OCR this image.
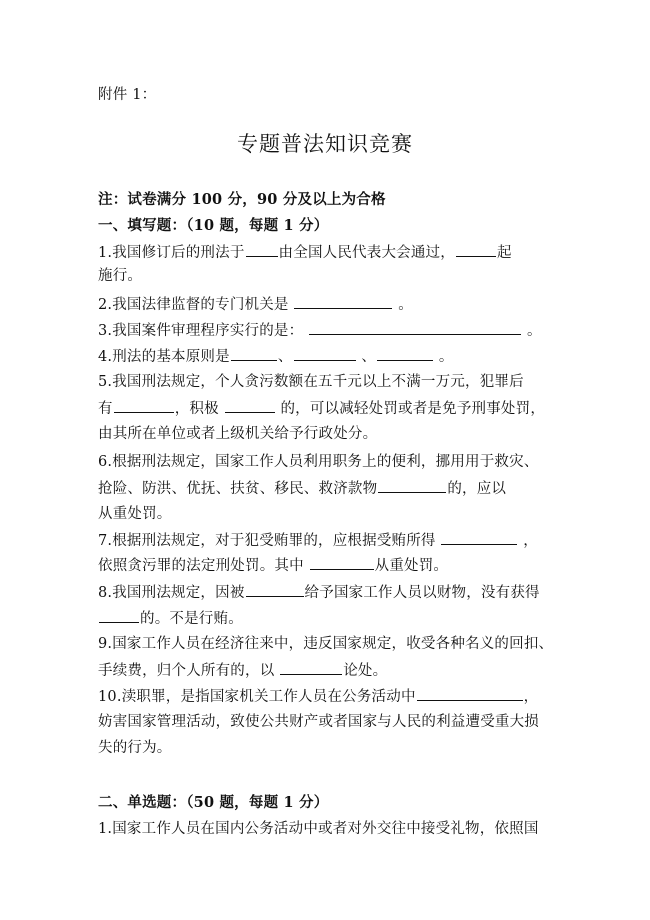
附件 1：
专题普法知识竞赛
注：试卷满分 100 分，90 分及以上为合格
一、填写题：（10 题，每题 1 分）
1.我国修订后的刑法于 由全国人民代表大会通过，	起
施行。
2.我国法律监督的专门机关是	。
3.我国案件审理程序实行的是：	。
4.刑法的基本原则是	、	、	。
5.我国刑法规定，个人贪污数额在五千元以上不满一万元，犯罪后
有	，积极	的，可以减轻处罚或者是免予刑事处罚，
由其所在单位或者上级机关给予行政处分。
6.根据刑法规定，国家工作人员利用职务上的便利，挪用用于救灾、
抢险、防洪、优抚、扶贫、移民、救济款物	的，应以
从重处罚。
7.根据刑法规定，对于犯受贿罪的，应根据受贿所得	，
依照贪污罪的法定刑处罚。其中	从重处罚。
8.我国刑法规定，因被	给予国家工作人员以财物，没有获得
的。不是行贿。
9.国家工作人员在经济往来中，违反国家规定，收受各种名义的回扣、
手续费，归个人所有的，以	论处。
10.渎职罪，是指国家机关工作人员在公务活动中	，
妨害国家管理活动，致使公共财产或者国家与人民的利益遭受重大损
失的行为。
二、单选题：（50 题，每题 1 分）
1.国家工作人员在国内公务活动中或者对外交往中接受礼物，依照国
